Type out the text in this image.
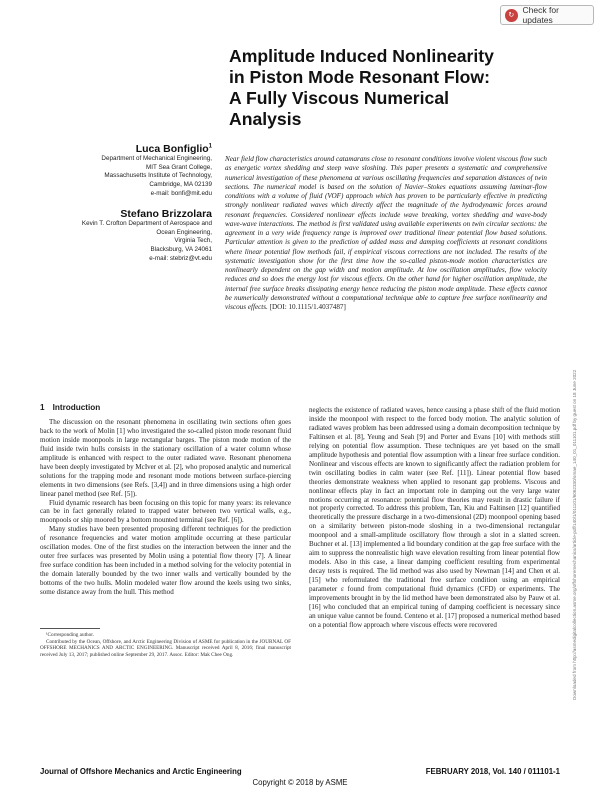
↻
Check for updates
Amplitude Induced Nonlinearity
in Piston Mode Resonant Flow:
A Fully Viscous Numerical
Analysis
Luca Bonfiglio$^1$
Department of Mechanical Engineering,
MIT Sea Grant College,
Massachusetts Institute of Technology,
Cambridge, MA 02139
e-mail: bonfi@mit.edu
Stefano Brizzolara
Kevin T. Crofton Department of Aerospace and
Ocean Engineering,
Virginia Tech,
Blacksburg, VA 24061
e-mail: stebriz@vt.edu

Near field flow characteristics around catamarans close to resonant conditions involve violent viscous flow such as energetic vortex shedding and steep wave sloshing. This paper presents a systematic and comprehensive numerical investigation of these phenomena at various oscillating frequencies and separation distances of twin sections. The numerical model is based on the solution of Navier–Stokes equations assuming laminar-flow conditions with a volume of fluid (VOF) approach which has proven to be particularly effective in predicting strongly nonlinear radiated waves which directly affect the magnitude of the hydrodynamic forces around resonant frequencies. Considered nonlinear effects include wave breaking, vortex shedding and wave-body wave-wave interactions. The method is first validated using available experiments on twin circular sections: the agreement in a very wide frequency range is improved over traditional linear potential flow based solutions. Particular attention is given to the prediction of added mass and damping coefficients at resonant conditions where linear potential flow methods fail, if empirical viscous corrections are not included. The results of the systematic investigation show for the first time how the so-called piston-mode motion characteristics are nonlinearly dependent on the gap width and motion amplitude. At low oscillation amplitudes, flow velocity reduces and so does the energy lost for viscous effects. On the other hand for higher oscillation amplitude, the internal free surface breaks dissipating energy hence reducing the piston mode amplitude. These effects cannot be numerically demonstrated without a computational technique able to capture free surface nonlinearity and viscous effects. [DOI: 10.1115/1.4037487]

Downloaded from http://asmedigitalcollection.asme.org/offshoremechanics/article-pdf/140/1/011101/6062330/omae_140_01_011101.pdf by guest on 18 June 2022
1 Introduction

The discussion on the resonant phenomena in oscillating twin sections often goes back to the work of Molin [1] who investigated the so-called piston mode resonant fluid motion inside moonpools in large rectangular barges. The piston mode motion of the fluid inside twin hulls consists in the stationary oscillation of a water column whose amplitude is enhanced with respect to the outer radiated wave. Resonant phenomena have been deeply investigated by McIver et al. [2], who proposed analytic and numerical solutions for the trapping mode and resonant mode motions between surface-piercing elements in two dimensions (see Refs. [3,4]) and in three dimensions using a high order linear panel method (see Ref. [5]).

Fluid dynamic research has been focusing on this topic for many years: its relevance can be in fact generally related to trapped water between two vertical walls, e.g., moonpools or ship moored by a bottom mounted terminal (see Ref. [6]).

Many studies have been presented proposing different techniques for the prediction of resonance frequencies and water motion amplitude occurring at these particular oscillation modes. One of the first studies on the interaction between the inner and the outer free surfaces was presented by Molin using a potential flow theory [7]. A linear free surface condition has been included in a method solving for the velocity potential in the domain laterally bounded by the two inner walls and vertically bounded by the bottoms of the two hulls. Molin modeled water flow around the keels using two sinks, some distance away from the hull. This method

neglects the existence of radiated waves, hence causing a phase shift of the fluid motion inside the moonpool with respect to the forced body motion. The analytic solution of radiated waves problem has been addressed using a domain decomposition technique by Faltinsen et al. [8], Yeung and Seah [9] and Porter and Evans [10] with methods still relying on potential flow assumption. These techniques are yet based on the small amplitude hypothesis and potential flow assumption with a linear free surface condition. Nonlinear and viscous effects are known to significantly affect the radiation problem for twin oscillating bodies in calm water (see Ref. [11]). Linear potential flow based theories demonstrate weakness when applied to resonant gap problems. Viscous and nonlinear effects play in fact an important role in damping out the very large water motions occurring at resonance: potential flow theories may result in drastic failure if not properly corrected. To address this problem, Tan, Kiu and Faltinsen [12] quantified theoretically the pressure discharge in a two-dimensional (2D) moonpool opening based on a similarity between piston-mode sloshing in a two-dimensional rectangular moonpool and a small-amplitude oscillatory flow through a slot in a slatted screen. Buchner et al. [13] implemented a lid boundary condition at the gap free surface with the aim to suppress the nonrealistic high wave elevation resulting from linear potential flow models. Also in this case, a linear damping coefficient resulting from experimental decay tests is required. The lid method was also used by Newman [14] and Chen et al. [15] who reformulated the traditional free surface condition using an empirical parameter ε found from computational fluid dynamics (CFD) or experiments. The improvements brought in by the lid method have been demonstrated also by Pauw et al. [16] who concluded that an empirical tuning of damping coefficient is necessary since an unique value cannot be found. Centeno et al. [17] proposed a numerical method based on a potential flow approach where viscous effects were recovered

¹Corresponding author.

Contributed by the Ocean, Offshore, and Arctic Engineering Division of ASME for publication in the JOURNAL OF OFFSHORE MECHANICS AND ARCTIC ENGINEERING. Manuscript received April 8, 2016; final manuscript received July 13, 2017; published online September 29, 2017. Assoc. Editor: Mak Chee Ong.

Journal of Offshore Mechanics and Arctic Engineering	FEBRUARY 2018, Vol. 140 / 011101-1
Copyright © 2018 by ASME
